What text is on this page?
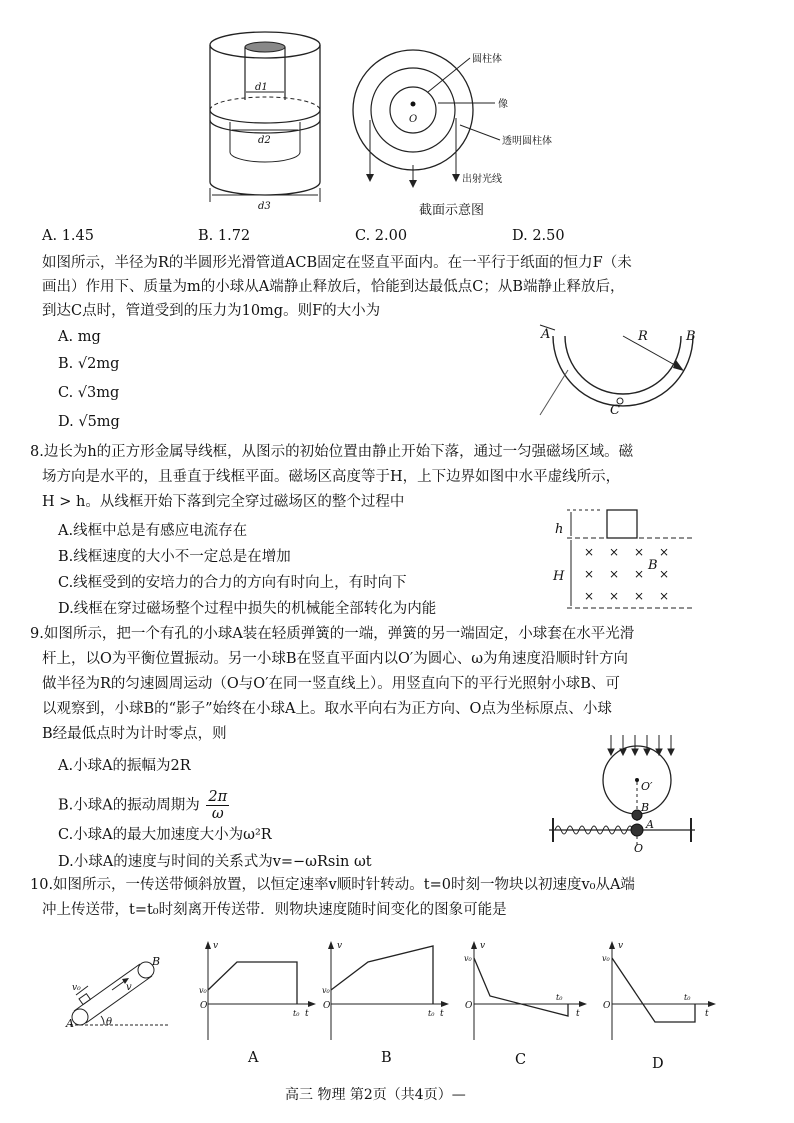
d1
d2
d3
O
圆柱体
像
透明圆柱体
出射光线
截面示意图
A. 1.45	B. 1.72	C. 2.00	D. 2.50
如图所示，半径为R的半圆形光滑管道ACB固定在竖直平面内。在一平行于纸面的恒力F（未
画出）作用下、质量为m的小球从A端静止释放后，恰能到达最低点C；从B端静止释放后，
到达C点时，管道受到的压力为10mg。则F的大小为
A. mg
B. √2mg
C. √3mg
D. √5mg
A	B
R
C
8.边长为h的正方形金属导线框，从图示的初始位置由静止开始下落，通过一匀强磁场区域。磁
场方向是水平的，且垂直于线框平面。磁场区高度等于H，上下边界如图中水平虚线所示，
H > h。从线框开始下落到完全穿过磁场区的整个过程中
A.线框中总是有感应电流存在
B.线框速度的大小不一定总是在增加
C.线框受到的安培力的合力的方向有时向上，有时向下
D.线框在穿过磁场整个过程中损失的机械能全部转化为内能
h
H
× × × ×
× × × ×
× × × ×
B
9.如图所示，把一个有孔的小球A装在轻质弹簧的一端，弹簧的另一端固定，小球套在水平光滑
杆上，以O为平衡位置振动。另一小球B在竖直平面内以O′为圆心、ω为角速度沿顺时针方向
做半径为R的匀速圆周运动（O与O′在同一竖直线上）。用竖直向下的平行光照射小球B、可
以观察到，小球B的“影子”始终在小球A上。取水平向右为正方向、O点为坐标原点、小球
B经最低点时为计时零点，则
A.小球A的振幅为2R
B.小球A的振动周期为 $\frac{2\pi}{\omega}$
C.小球A的最大加速度大小为ω²R
D.小球A的速度与时间的关系式为v=−ωRsin ωt
O′
B
A
O
10.如图所示，一传送带倾斜放置，以恒定速率v顺时针转动。t=0时刻一物块以初速度v₀从A端
冲上传送带，t=t₀时刻离开传送带．则物块速度随时间变化的图象可能是
A
B
v₀	v
θ
v
v₀
O
t₀ t
v
v₀
O
t₀ t
v
v₀
O
t₀
t
v
v₀
O
t₀
t
A	B	C	D
高三 物理 第2页（共4页）—
